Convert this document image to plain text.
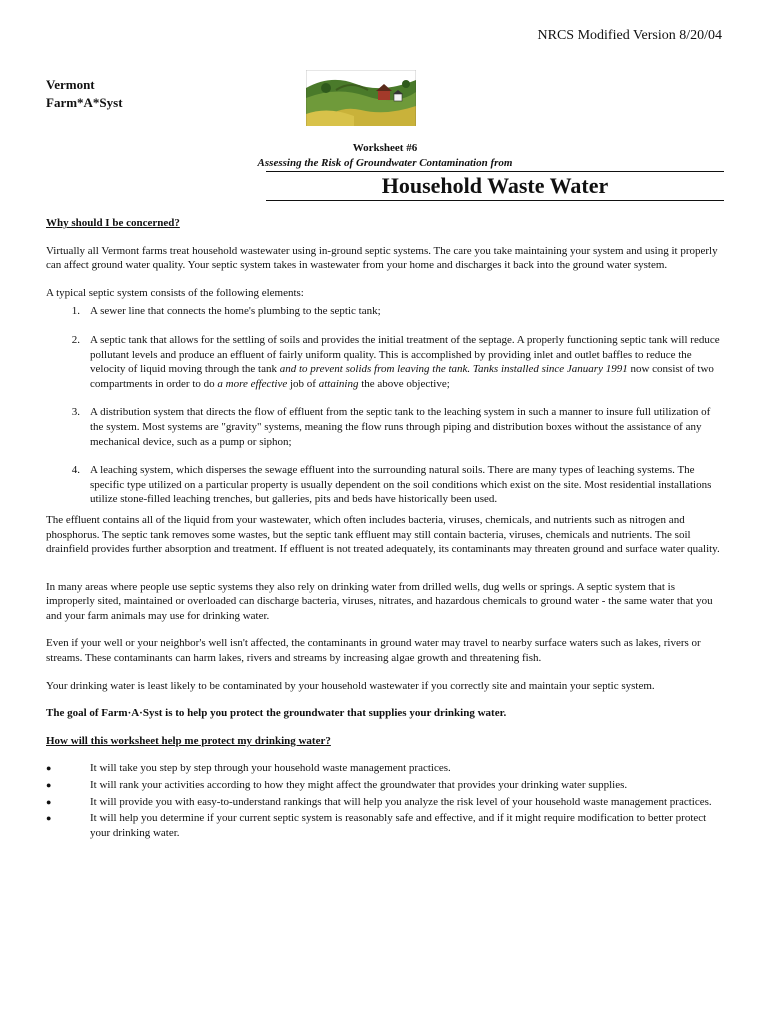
NRCS Modified Version 8/20/04
Vermont
Farm*A*Syst
Worksheet #6
Assessing the Risk of Groundwater Contamination from
Household Waste Water
Why should I be concerned?

Virtually all Vermont farms treat household wastewater using in-ground septic systems. The care you take maintaining your system and using it properly can affect ground water quality. Your septic system takes in wastewater from your home and discharges it back into the ground water system.

A typical septic system consists of the following elements:

1. A sewer line that connects the home's plumbing to the septic tank;
2. A septic tank that allows for the settling of soils and provides the initial treatment of the septage. A properly functioning septic tank will reduce pollutant levels and produce an effluent of fairly uniform quality. This is accomplished by providing inlet and outlet baffles to reduce the velocity of liquid moving through the tank and to prevent solids from leaving the tank. Tanks installed since January 1991 now consist of two compartments in order to do a more effective job of attaining the above objective;
3. A distribution system that directs the flow of effluent from the septic tank to the leaching system in such a manner to insure full utilization of the system. Most systems are "gravity" systems, meaning the flow runs through piping and distribution boxes without the assistance of any mechanical device, such as a pump or siphon;
4. A leaching system, which disperses the sewage effluent into the surrounding natural soils. There are many types of leaching systems. The specific type utilized on a particular property is usually dependent on the soil conditions which exist on the site. Most residential installations utilize stone-filled leaching trenches, but galleries, pits and beds have historically been used.

The effluent contains all of the liquid from your wastewater, which often includes bacteria, viruses, chemicals, and nutrients such as nitrogen and phosphorus. The septic tank removes some wastes, but the septic tank effluent may still contain bacteria, viruses, chemicals and nutrients. The soil drainfield provides further absorption and treatment. If effluent is not treated adequately, its contaminants may threaten ground and surface water quality.

In many areas where people use septic systems they also rely on drinking water from drilled wells, dug wells or springs. A septic system that is improperly sited, maintained or overloaded can discharge bacteria, viruses, nitrates, and hazardous chemicals to ground water - the same water that you and your farm animals may use for drinking water.

Even if your well or your neighbor's well isn't affected, the contaminants in ground water may travel to nearby surface waters such as lakes, rivers or streams. These contaminants can harm lakes, rivers and streams by increasing algae growth and threatening fish.

Your drinking water is least likely to be contaminated by your household wastewater if you correctly site and maintain your septic system.

The goal of Farm·A·Syst is to help you protect the groundwater that supplies your drinking water.
How will this worksheet help me protect my drinking water?
●	It will take you step by step through your household waste management practices.
●	It will rank your activities according to how they might affect the groundwater that provides your drinking water supplies.
●	It will provide you with easy-to-understand rankings that will help you analyze the risk level of your household waste management practices.
●	It will help you determine if your current septic system is reasonably safe and effective, and if it might require modification to better protect your drinking water.
